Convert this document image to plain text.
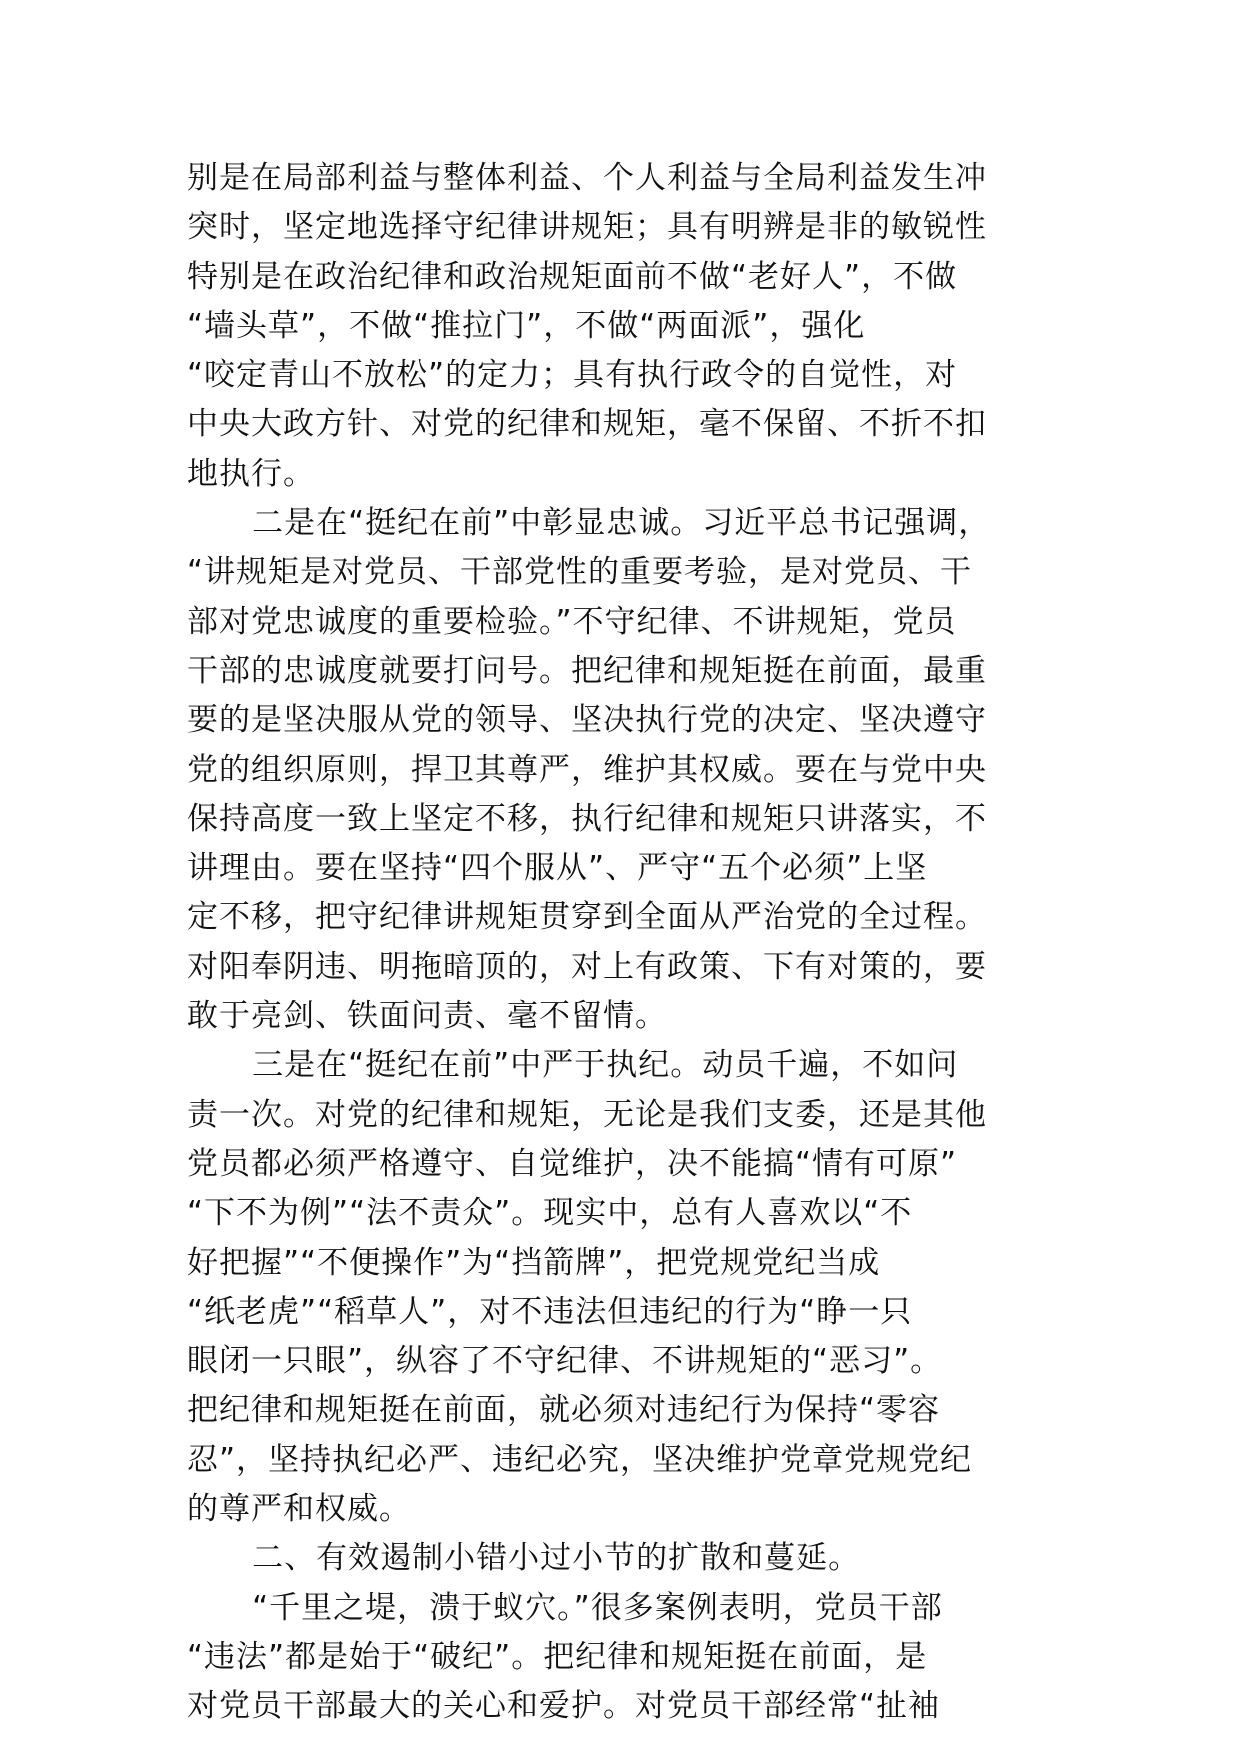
别是在局部利益与整体利益、个人利益与全局利益发生冲
突时，坚定地选择守纪律讲规矩；具有明辨是非的敏锐性
特别是在政治纪律和政治规矩面前不做“老好人”，不做
“墙头草”，不做“推拉门”，不做“两面派”，强化
“咬定青山不放松”的定力；具有执行政令的自觉性，对
中央大政方针、对党的纪律和规矩，毫不保留、不折不扣
地执行。
二是在“挺纪在前”中彰显忠诚。习近平总书记强调，
“讲规矩是对党员、干部党性的重要考验，是对党员、干
部对党忠诚度的重要检验。”不守纪律、不讲规矩，党员
干部的忠诚度就要打问号。把纪律和规矩挺在前面，最重
要的是坚决服从党的领导、坚决执行党的决定、坚决遵守
党的组织原则，捍卫其尊严，维护其权威。要在与党中央
保持高度一致上坚定不移，执行纪律和规矩只讲落实，不
讲理由。要在坚持“四个服从”、严守“五个必须”上坚
定不移，把守纪律讲规矩贯穿到全面从严治党的全过程。
对阳奉阴违、明拖暗顶的，对上有政策、下有对策的，要
敢于亮剑、铁面问责、毫不留情。
三是在“挺纪在前”中严于执纪。动员千遍，不如问
责一次。对党的纪律和规矩，无论是我们支委，还是其他
党员都必须严格遵守、自觉维护，决不能搞“情有可原”
“下不为例”“法不责众”。现实中，总有人喜欢以“不
好把握”“不便操作”为“挡箭牌”，把党规党纪当成
“纸老虎”“稻草人”，对不违法但违纪的行为“睁一只
眼闭一只眼”，纵容了不守纪律、不讲规矩的“恶习”。
把纪律和规矩挺在前面，就必须对违纪行为保持“零容
忍”，坚持执纪必严、违纪必究，坚决维护党章党规党纪
的尊严和权威。
二、有效遏制小错小过小节的扩散和蔓延。
“千里之堤，溃于蚁穴。”很多案例表明，党员干部
“违法”都是始于“破纪”。把纪律和规矩挺在前面，是
对党员干部最大的关心和爱护。对党员干部经常“扯袖
